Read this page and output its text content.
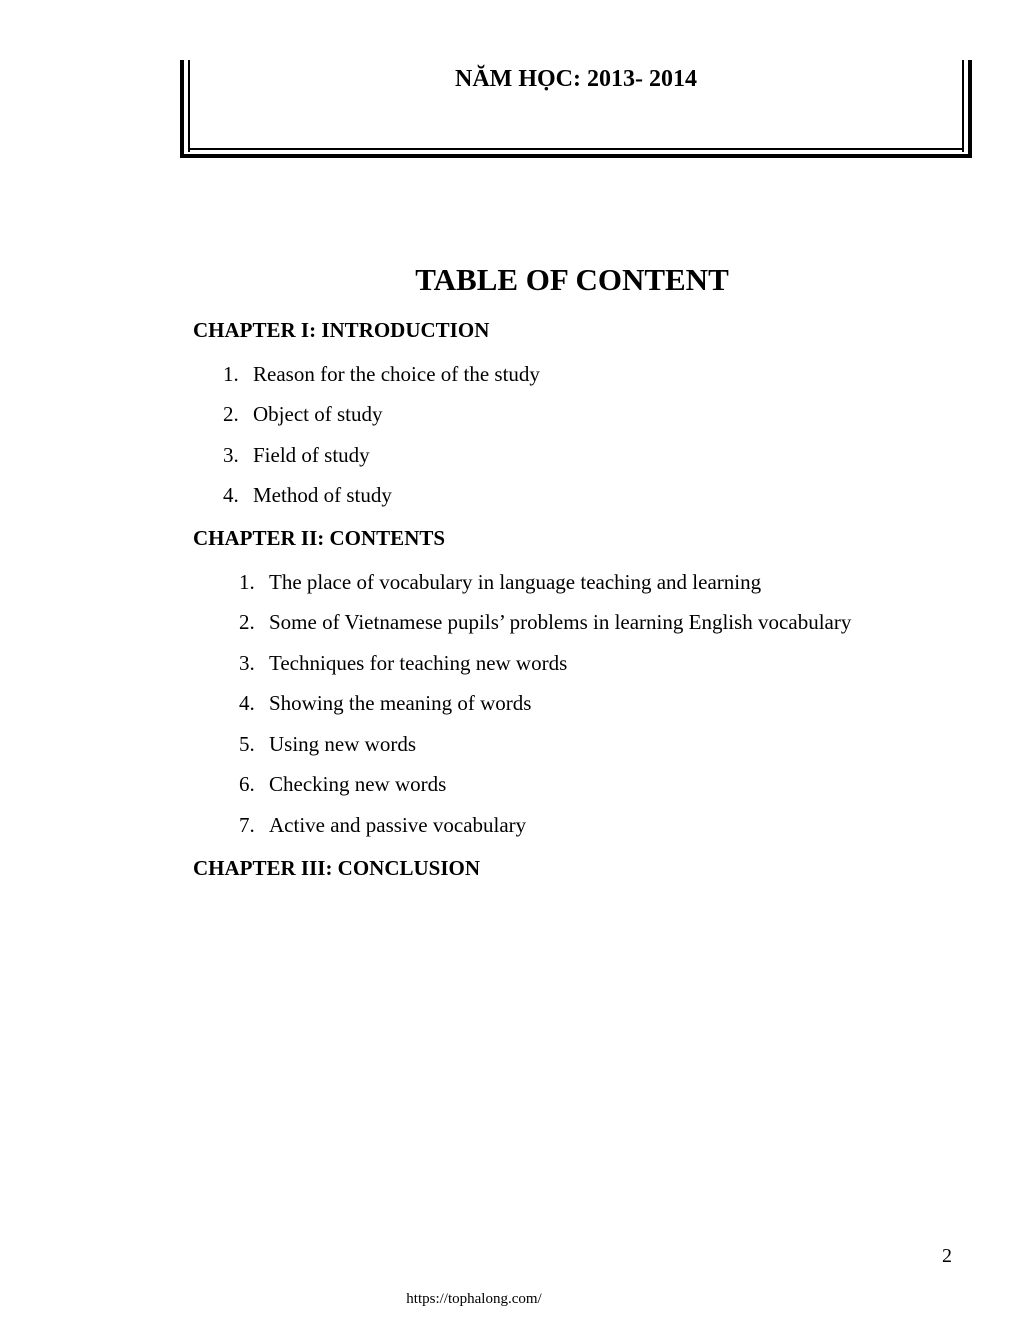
NĂM HỌC: 2013- 2014
TABLE OF CONTENT
CHAPTER I: INTRODUCTION
1. Reason for the choice of the study
2. Object of study
3. Field of study
4. Method of study
CHAPTER II: CONTENTS
1. The place of vocabulary in language teaching and learning
2. Some of Vietnamese pupils’ problems in learning English vocabulary
3. Techniques for teaching new words
4. Showing the meaning of words
5. Using new words
6. Checking new words
7. Active and passive vocabulary
CHAPTER III: CONCLUSION
2
https://tophalong.com/
